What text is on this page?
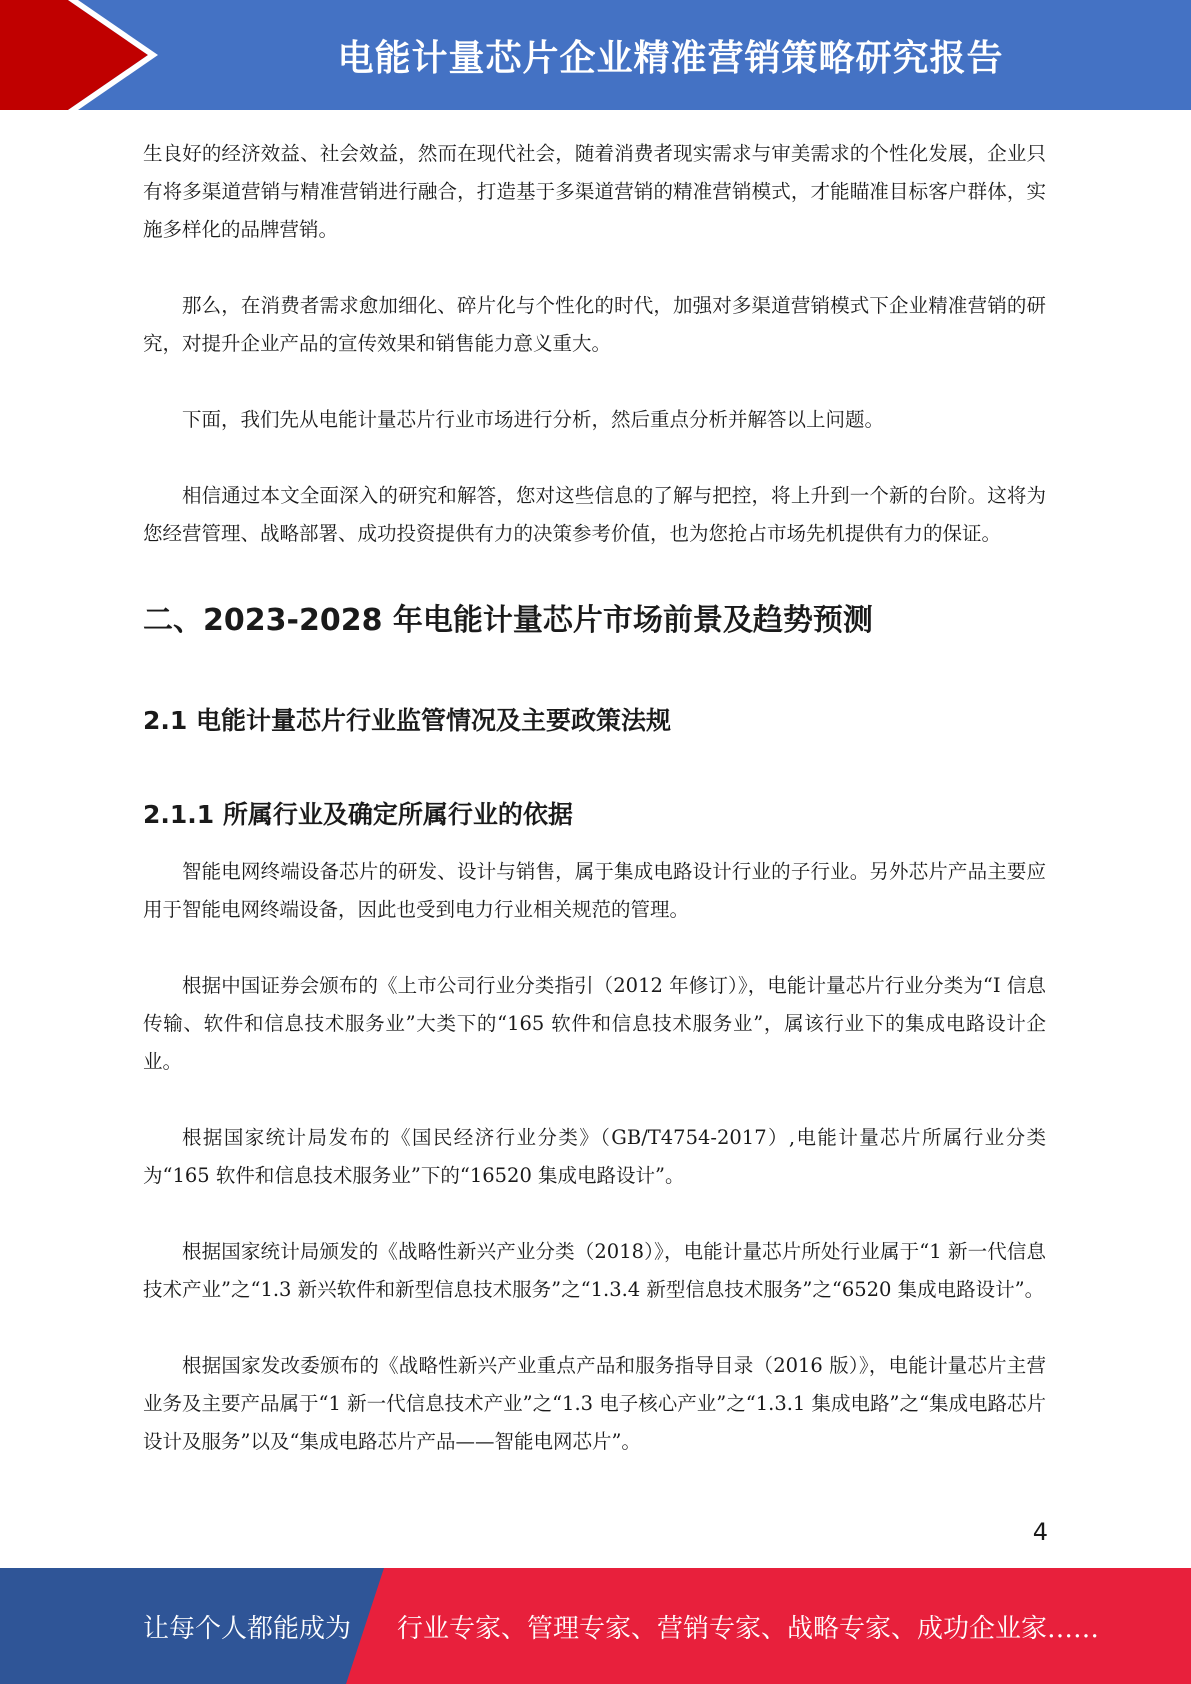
电能计量芯片企业精准营销策略研究报告

生良好的经济效益、社会效益，然而在现代社会，随着消费者现实需求与审美需求的个性化发展，企业只有将多渠道营销与精准营销进行融合，打造基于多渠道营销的精准营销模式，才能瞄准目标客户群体，实施多样化的品牌营销。

那么，在消费者需求愈加细化、碎片化与个性化的时代，加强对多渠道营销模式下企业精准营销的研究，对提升企业产品的宣传效果和销售能力意义重大。

下面，我们先从电能计量芯片行业市场进行分析，然后重点分析并解答以上问题。

相信通过本文全面深入的研究和解答，您对这些信息的了解与把控，将上升到一个新的台阶。这将为您经营管理、战略部署、成功投资提供有力的决策参考价值，也为您抢占市场先机提供有力的保证。

二、2023-2028 年电能计量芯片市场前景及趋势预测
2.1 电能计量芯片行业监管情况及主要政策法规
2.1.1 所属行业及确定所属行业的依据

智能电网终端设备芯片的研发、设计与销售，属于集成电路设计行业的子行业。另外芯片产品主要应用于智能电网终端设备，因此也受到电力行业相关规范的管理。

根据中国证券会颁布的《上市公司行业分类指引（2012 年修订）》，电能计量芯片行业分类为“I 信息传输、软件和信息技术服务业”大类下的“165 软件和信息技术服务业”，属该行业下的集成电路设计企业。

根据国家统计局发布的《国民经济行业分类》（GB/T4754-2017）,电能计量芯片所属行业分类为“165 软件和信息技术服务业”下的“16520 集成电路设计”。

根据国家统计局颁发的《战略性新兴产业分类（2018）》，电能计量芯片所处行业属于“1 新一代信息技术产业”之“1.3 新兴软件和新型信息技术服务”之“1.3.4 新型信息技术服务”之“6520 集成电路设计”。

根据国家发改委颁布的《战略性新兴产业重点产品和服务指导目录（2016 版）》，电能计量芯片主营业务及主要产品属于“1 新一代信息技术产业”之“1.3 电子核心产业”之“1.3.1 集成电路”之“集成电路芯片设计及服务”以及“集成电路芯片产品——智能电网芯片”。

4
让每个人都能成为 行业专家、管理专家、营销专家、战略专家、成功企业家……
